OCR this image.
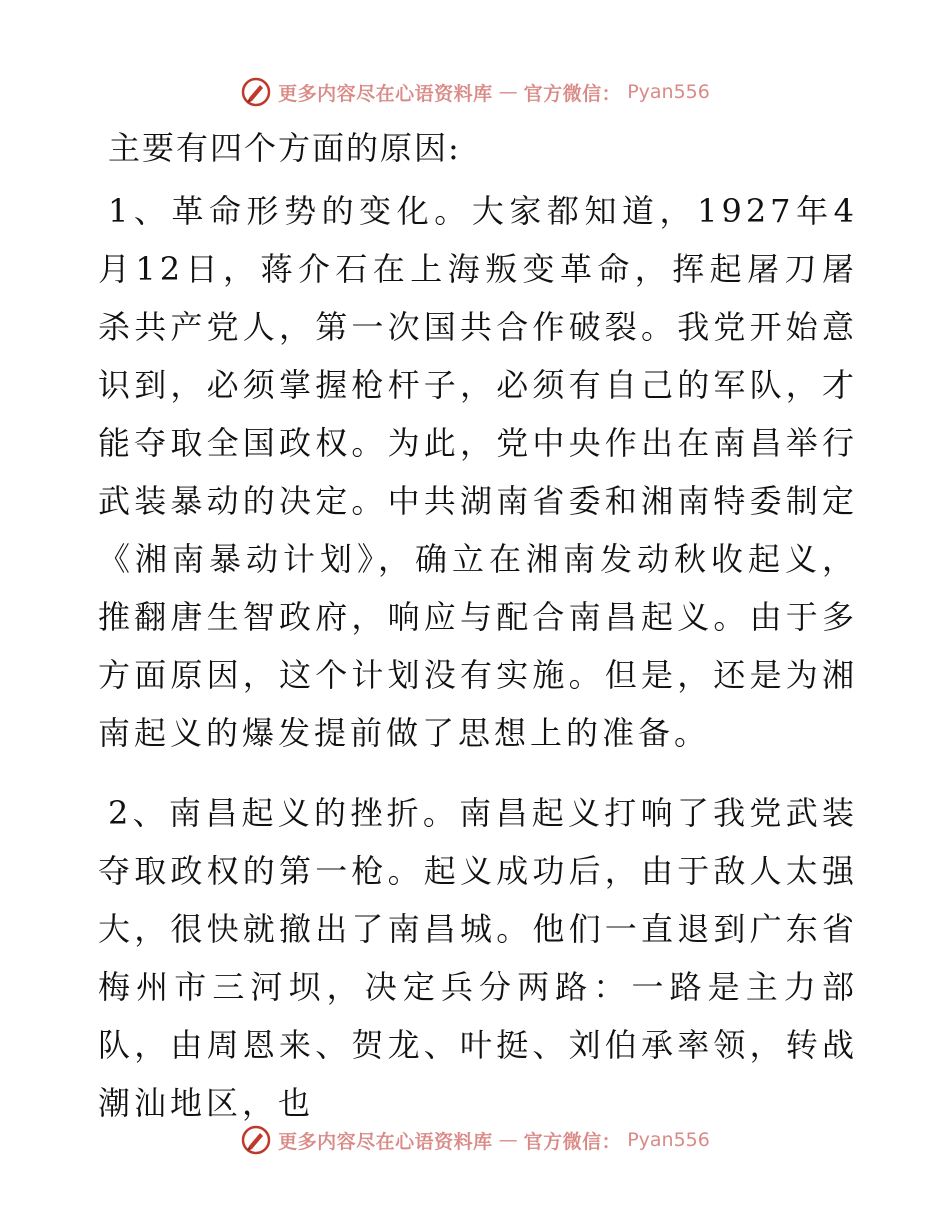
更多内容尽在心语资料库 — 官方微信： Pyan556

主要有四个方面的原因:

1、革命形势的变化。大家都知道，1927年4月12日，蒋介石在上海叛变革命，挥起屠刀屠杀共产党人，第一次国共合作破裂。我党开始意识到，必须掌握枪杆子，必须有自己的军队，才能夺取全国政权。为此，党中央作出在南昌举行武装暴动的决定。中共湖南省委和湘南特委制定《湘南暴动计划》，确立在湘南发动秋收起义，推翻唐生智政府，响应与配合南昌起义。由于多方面原因，这个计划没有实施。但是，还是为湘南起义的爆发提前做了思想上的准备。

2、南昌起义的挫折。南昌起义打响了我党武装夺取政权的第一枪。起义成功后，由于敌人太强大，很快就撤出了南昌城。他们一直退到广东省梅州市三河坝，决定兵分两路：一路是主力部队，由周恩来、贺龙、叶挺、刘伯承率领，转战潮汕地区，也

更多内容尽在心语资料库 — 官方微信： Pyan556
